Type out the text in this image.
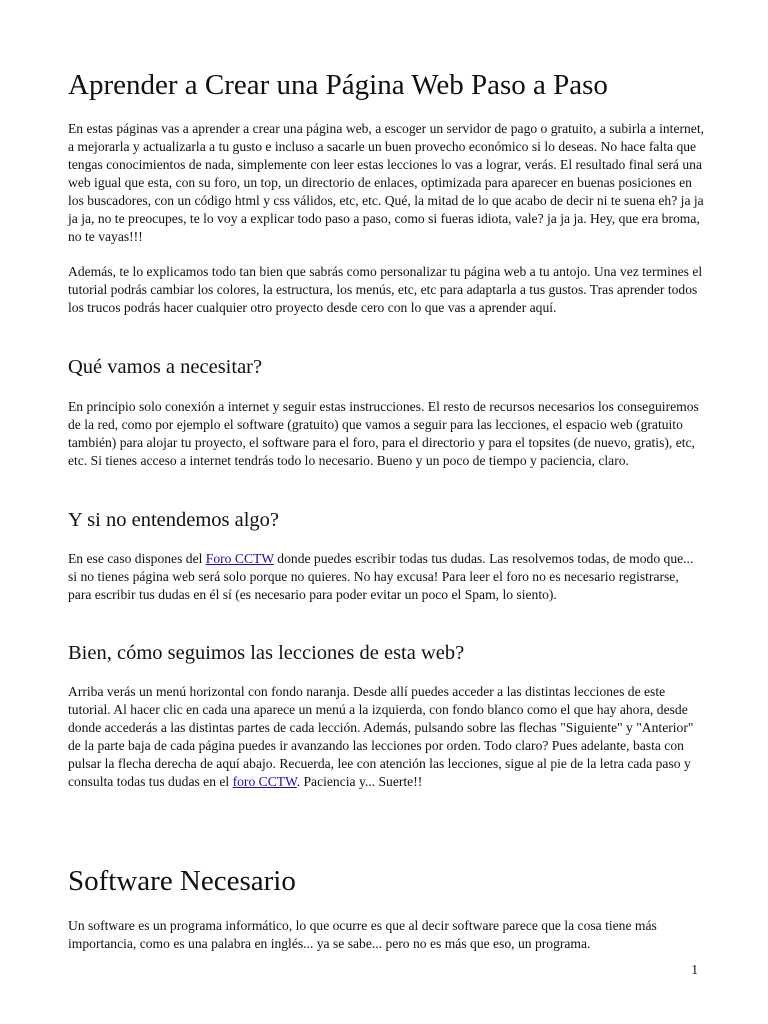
Aprender a Crear una Página Web Paso a Paso

En estas páginas vas a aprender a crear una página web, a escoger un servidor de pago o gratuito, a subirla a internet, a mejorarla y actualizarla a tu gusto e incluso a sacarle un buen provecho económico si lo deseas. No hace falta que tengas conocimientos de nada, simplemente con leer estas lecciones lo vas a lograr, verás. El resultado final será una web igual que esta, con su foro, un top, un directorio de enlaces, optimizada para aparecer en buenas posiciones en los buscadores, con un código html y css válidos, etc, etc. Qué, la mitad de lo que acabo de decir ni te suena eh? ja ja ja ja, no te preocupes, te lo voy a explicar todo paso a paso, como si fueras idiota, vale? ja ja ja. Hey, que era broma, no te vayas!!!

Además, te lo explicamos todo tan bien que sabrás como personalizar tu página web a tu antojo. Una vez termines el tutorial podrás cambiar los colores, la estructura, los menús, etc, etc para adaptarla a tus gustos. Tras aprender todos los trucos podrás hacer cualquier otro proyecto desde cero con lo que vas a aprender aquí.

Qué vamos a necesitar?

En principio solo conexión a internet y seguir estas instrucciones. El resto de recursos necesarios los conseguiremos de la red, como por ejemplo el software (gratuito) que vamos a seguir para las lecciones, el espacio web (gratuito también) para alojar tu proyecto, el software para el foro, para el directorio y para el topsites (de nuevo, gratis), etc, etc. Si tienes acceso a internet tendrás todo lo necesario. Bueno y un poco de tiempo y paciencia, claro.

Y si no entendemos algo?

En ese caso dispones del Foro CCTW donde puedes escribir todas tus dudas. Las resolvemos todas, de modo que... si no tienes página web será solo porque no quieres. No hay excusa! Para leer el foro no es necesario registrarse, para escribir tus dudas en él sí (es necesario para poder evitar un poco el Spam, lo siento).

Bien, cómo seguimos las lecciones de esta web?

Arriba verás un menú horizontal con fondo naranja. Desde allí puedes acceder a las distintas lecciones de este tutorial. Al hacer clic en cada una aparece un menú a la izquierda, con fondo blanco como el que hay ahora, desde donde accederás a las distintas partes de cada lección. Además, pulsando sobre las flechas "Siguiente" y "Anterior" de la parte baja de cada página puedes ir avanzando las lecciones por orden. Todo claro? Pues adelante, basta con pulsar la flecha derecha de aquí abajo. Recuerda, lee con atención las lecciones, sigue al pie de la letra cada paso y consulta todas tus dudas en el foro CCTW. Paciencia y... Suerte!!

Software Necesario

Un software es un programa informático, lo que ocurre es que al decir software parece que la cosa tiene más importancia, como es una palabra en inglés... ya se sabe... pero no es más que eso, un programa.

1
